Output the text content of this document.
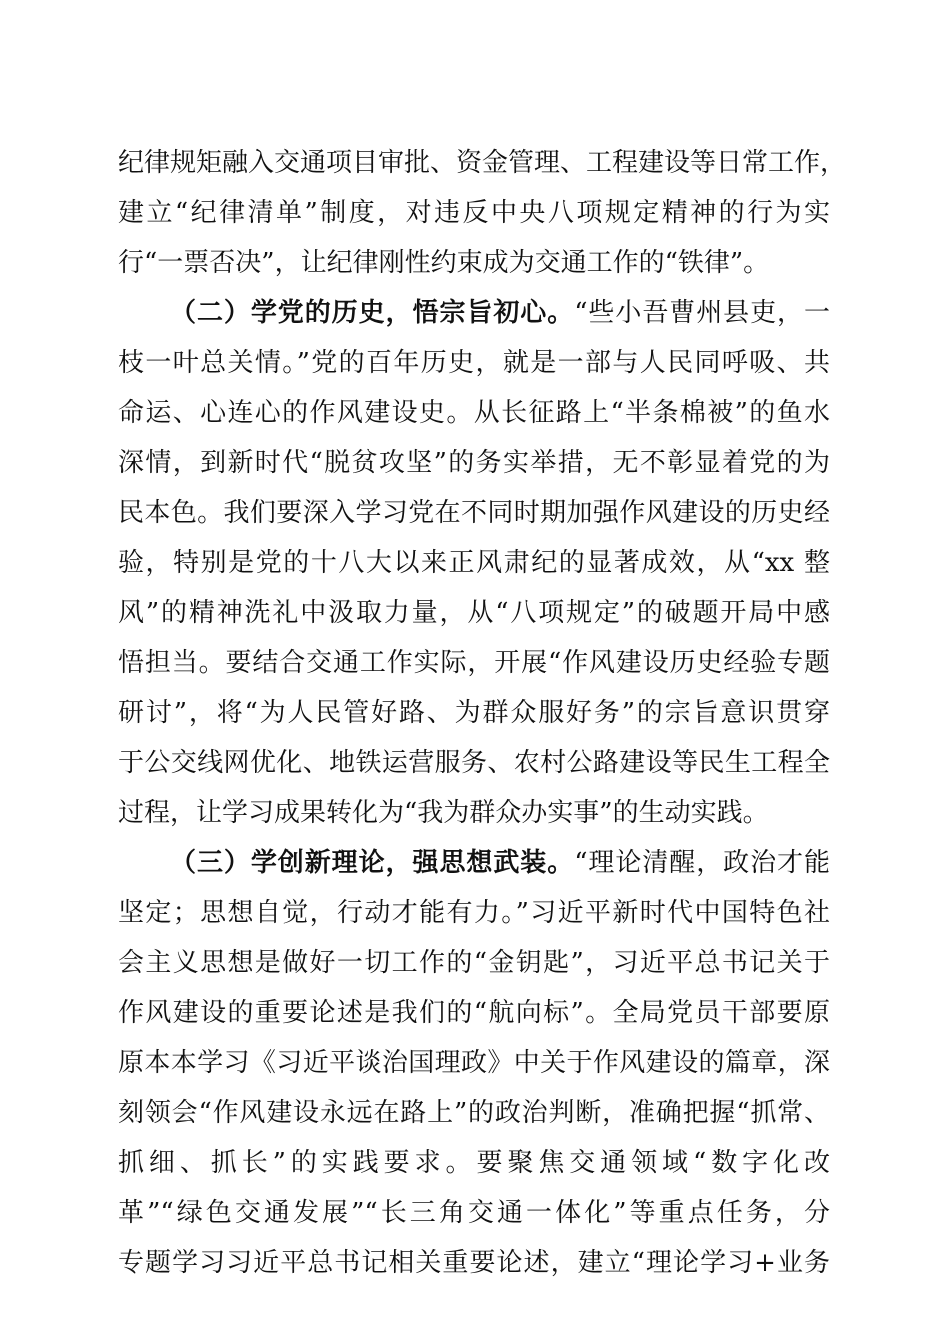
纪律规矩融入交通项目审批、资金管理、工程建设等日常工作，
建立“纪律清单”制度，对违反中央八项规定精神的行为实
行“一票否决”，让纪律刚性约束成为交通工作的“铁律”。
（二）学党的历史，悟宗旨初心。“些小吾曹州县吏，一
枝一叶总关情。”党的百年历史，就是一部与人民同呼吸、共
命运、心连心的作风建设史。从长征路上“半条棉被”的鱼水
深情，到新时代“脱贫攻坚”的务实举措，无不彰显着党的为
民本色。我们要深入学习党在不同时期加强作风建设的历史经
验，特别是党的十八大以来正风肃纪的显著成效，从“xx 整
风”的精神洗礼中汲取力量，从“八项规定”的破题开局中感
悟担当。要结合交通工作实际，开展“作风建设历史经验专题
研讨”，将“为人民管好路、为群众服好务”的宗旨意识贯穿
于公交线网优化、地铁运营服务、农村公路建设等民生工程全
过程，让学习成果转化为“我为群众办实事”的生动实践。
（三）学创新理论，强思想武装。“理论清醒，政治才能
坚定；思想自觉，行动才能有力。”习近平新时代中国特色社
会主义思想是做好一切工作的“金钥匙”，习近平总书记关于
作风建设的重要论述是我们的“航向标”。全局党员干部要原
原本本学习《习近平谈治国理政》中关于作风建设的篇章，深
刻领会“作风建设永远在路上”的政治判断，准确把握“抓常、
抓细、抓长”的实践要求。要聚焦交通领域“数字化改
革”“绿色交通发展”“长三角交通一体化”等重点任务，分
专题学习习近平总书记相关重要论述，建立“理论学习+业务
